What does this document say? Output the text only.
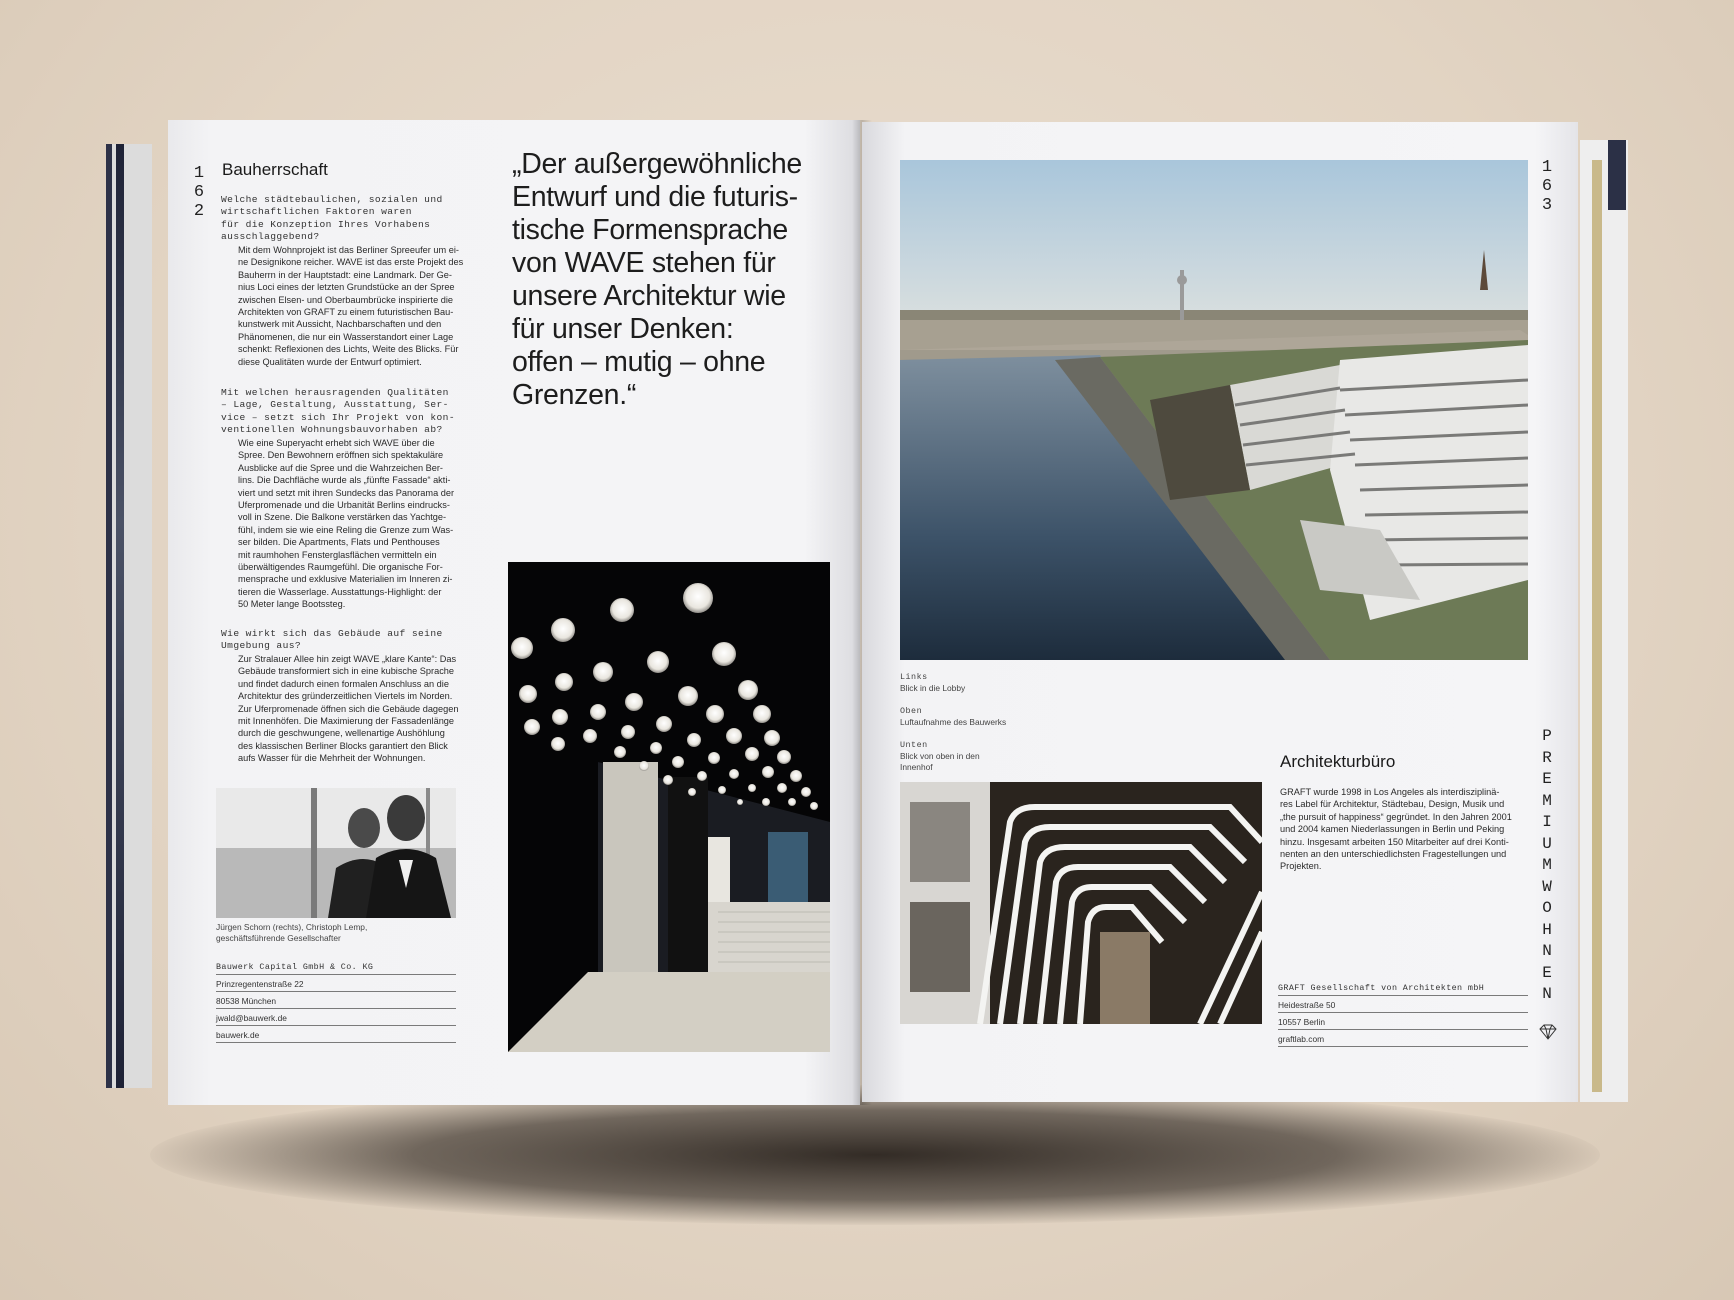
1
6
2
Bauherrschaft
Welche städtebaulichen, sozialen und
wirtschaftlichen Faktoren waren
für die Konzeption Ihres Vorhabens
ausschlaggebend?
Mit dem Wohnprojekt ist das Berliner Spreeufer um ei-
ne Designikone reicher. WAVE ist das erste Projekt des
Bauherrn in der Hauptstadt: eine Landmark. Der Ge-
nius Loci eines der letzten Grundstücke an der Spree
zwischen Elsen- und Oberbaumbrücke inspirierte die
Architekten von GRAFT zu einem futuristischen Bau-
kunstwerk mit Aussicht, Nachbarschaften und den
Phänomenen, die nur ein Wasserstandort einer Lage
schenkt: Reflexionen des Lichts, Weite des Blicks. Für
diese Qualitäten wurde der Entwurf optimiert.
Mit welchen herausragenden Qualitäten
– Lage, Gestaltung, Ausstattung, Ser-
vice – setzt sich Ihr Projekt von kon-
ventionellen Wohnungsbauvorhaben ab?
Wie eine Superyacht erhebt sich WAVE über die
Spree. Den Bewohnern eröffnen sich spektakuläre
Ausblicke auf die Spree und die Wahrzeichen Ber-
lins. Die Dachfläche wurde als „fünfte Fassade“ akti-
viert und setzt mit ihren Sundecks das Panorama der
Uferpromenade und die Urbanität Berlins eindrucks-
voll in Szene. Die Balkone verstärken das Yachtge-
fühl, indem sie wie eine Reling die Grenze zum Was-
ser bilden. Die Apartments, Flats und Penthouses
mit raumhohen Fensterglasflächen vermitteln ein
überwältigendes Raumgefühl. Die organische For-
mensprache und exklusive Materialien im Inneren zi-
tieren die Wasserlage. Ausstattungs-Highlight: der
50 Meter lange Bootssteg.
Wie wirkt sich das Gebäude auf seine
Umgebung aus?
Zur Stralauer Allee hin zeigt WAVE „klare Kante“: Das
Gebäude transformiert sich in eine kubische Sprache
und findet dadurch einen formalen Anschluss an die
Architektur des gründerzeitlichen Viertels im Norden.
Zur Uferpromenade öffnen sich die Gebäude dagegen
mit Innenhöfen. Die Maximierung der Fassadenlänge
durch die geschwungene, wellenartige Aushöhlung
des klassischen Berliner Blocks garantiert den Blick
aufs Wasser für die Mehrheit der Wohnungen.
Jürgen Schorn (rechts), Christoph Lemp,
geschäftsführende Gesellschafter
Bauwerk Capital GmbH & Co. KG
Prinzregentenstraße 22
80538 München
jwald@bauwerk.de
bauwerk.de
„Der außergewöhnliche
Entwurf und die futuris-
tische Formensprache
von WAVE stehen für
unsere Architektur wie
für unser Denken:
offen – mutig – ohne
Grenzen.“
Links
Blick in die Lobby
Oben
Luftaufnahme des Bauwerks
Unten
Blick von oben in den
Innenhof	Architekturbüro
GRAFT wurde 1998 in Los Angeles als interdisziplinä-
res Label für Architektur, Städtebau, Design, Musik und
„the pursuit of happiness“ gegründet. In den Jahren 2001
und 2004 kamen Niederlassungen in Berlin und Peking
hinzu. Insgesamt arbeiten 150 Mitarbeiter auf drei Konti-
nenten an den unterschiedlichsten Fragestellungen und
Projekten.
GRAFT Gesellschaft von Architekten mbH
Heidestraße 50
10557 Berlin
graftlab.com
1
6
3
P
R
E
M
I
U
M
W
O
H
N
E
N
